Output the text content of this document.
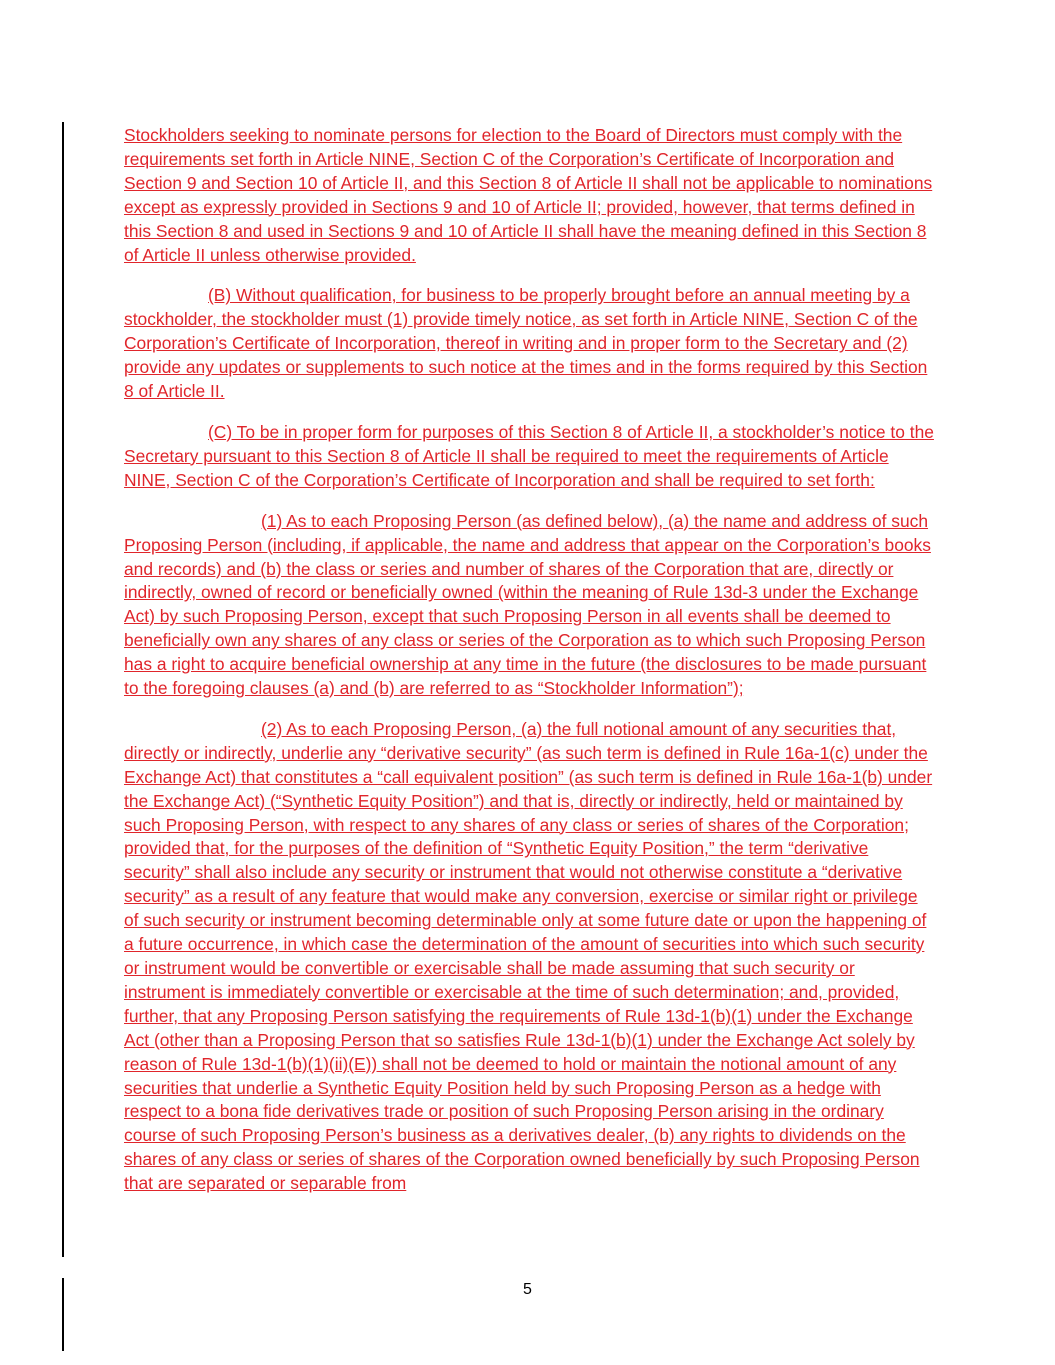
Stockholders seeking to nominate persons for election to the Board of Directors must comply with the requirements set forth in Article NINE, Section C of the Corporation’s Certificate of Incorporation and Section 9 and Section 10 of Article II, and this Section 8 of Article II shall not be applicable to nominations except as expressly provided in Sections 9 and 10 of Article II; provided, however, that terms defined in this Section 8 and used in Sections 9 and 10 of Article II shall have the meaning defined in this Section 8 of Article II unless otherwise provided.

(B) Without qualification, for business to be properly brought before an annual meeting by a stockholder, the stockholder must (1) provide timely notice, as set forth in Article NINE, Section C of the Corporation’s Certificate of Incorporation, thereof in writing and in proper form to the Secretary and (2) provide any updates or supplements to such notice at the times and in the forms required by this Section 8 of Article II.

(C) To be in proper form for purposes of this Section 8 of Article II, a stockholder’s notice to the Secretary pursuant to this Section 8 of Article II shall be required to meet the requirements of Article NINE, Section C of the Corporation’s Certificate of Incorporation and shall be required to set forth:

(1) As to each Proposing Person (as defined below), (a) the name and address of such Proposing Person (including, if applicable, the name and address that appear on the Corporation’s books and records) and (b) the class or series and number of shares of the Corporation that are, directly or indirectly, owned of record or beneficially owned (within the meaning of Rule 13d-3 under the Exchange Act) by such Proposing Person, except that such Proposing Person in all events shall be deemed to beneficially own any shares of any class or series of the Corporation as to which such Proposing Person has a right to acquire beneficial ownership at any time in the future (the disclosures to be made pursuant to the foregoing clauses (a) and (b) are referred to as “Stockholder Information”);

(2) As to each Proposing Person, (a) the full notional amount of any securities that, directly or indirectly, underlie any “derivative security” (as such term is defined in Rule 16a-1(c) under the Exchange Act) that constitutes a “call equivalent position” (as such term is defined in Rule 16a-1(b) under the Exchange Act) (“Synthetic Equity Position”) and that is, directly or indirectly, held or maintained by such Proposing Person, with respect to any shares of any class or series of shares of the Corporation; provided that, for the purposes of the definition of “Synthetic Equity Position,” the term “derivative security” shall also include any security or instrument that would not otherwise constitute a “derivative security” as a result of any feature that would make any conversion, exercise or similar right or privilege of such security or instrument becoming determinable only at some future date or upon the happening of a future occurrence, in which case the determination of the amount of securities into which such security or instrument would be convertible or exercisable shall be made assuming that such security or instrument is immediately convertible or exercisable at the time of such determination; and, provided, further, that any Proposing Person satisfying the requirements of Rule 13d-1(b)(1) under the Exchange Act (other than a Proposing Person that so satisfies Rule 13d-1(b)(1) under the Exchange Act solely by reason of Rule 13d-1(b)(1)(ii)(E)) shall not be deemed to hold or maintain the notional amount of any securities that underlie a Synthetic Equity Position held by such Proposing Person as a hedge with respect to a bona fide derivatives trade or position of such Proposing Person arising in the ordinary course of such Proposing Person’s business as a derivatives dealer, (b) any rights to dividends on the shares of any class or series of shares of the Corporation owned beneficially by such Proposing Person that are separated or separable from

5
